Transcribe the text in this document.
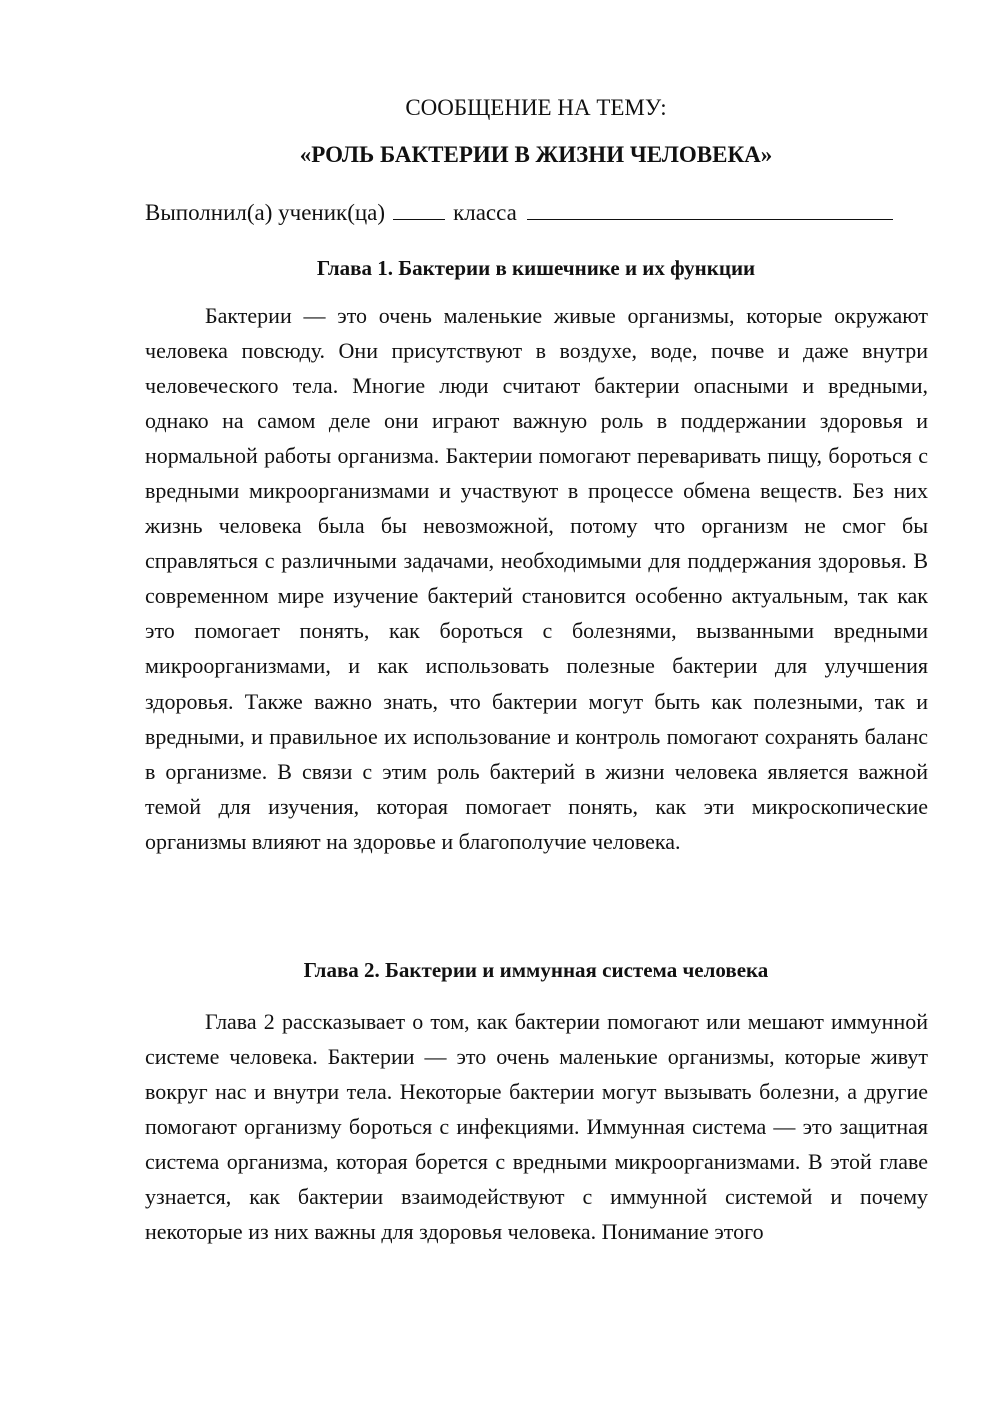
СООБЩЕНИЕ НА ТЕМУ:
«РОЛЬ БАКТЕРИИ В ЖИЗНИ ЧЕЛОВЕКА»
Выполнил(а) ученик(ца)	класса
Глава 1. Бактерии в кишечнике и их функции
Бактерии — это очень маленькие живые организмы, которые окружают человека повсюду. Они присутствуют в воздухе, воде, почве и даже внутри человеческого тела. Многие люди считают бактерии опасными и вредными, однако на самом деле они играют важную роль в поддержании здоровья и нормальной работы организма. Бактерии помогают переваривать пищу, бороться с вредными микроорганизмами и участвуют в процессе обмена веществ. Без них жизнь человека была бы невозможной, потому что организм не смог бы справляться с различными задачами, необходимыми для поддержания здоровья. В современном мире изучение бактерий становится особенно актуальным, так как это помогает понять, как бороться с болезнями, вызванными вредными микроорганизмами, и как использовать полезные бактерии для улучшения здоровья. Также важно знать, что бактерии могут быть как полезными, так и вредными, и правильное их использование и контроль помогают сохранять баланс в организме. В связи с этим роль бактерий в жизни человека является важной темой для изучения, которая помогает понять, как эти микроскопические организмы влияют на здоровье и благополучие человека.
Глава 2. Бактерии и иммунная система человека
Глава 2 рассказывает о том, как бактерии помогают или мешают иммунной системе человека. Бактерии — это очень маленькие организмы, которые живут вокруг нас и внутри тела. Некоторые бактерии могут вызывать болезни, а другие помогают организму бороться с инфекциями. Иммунная система — это защитная система организма, которая борется с вредными микроорганизмами. В этой главе узнается, как бактерии взаимодействуют с иммунной системой и почему некоторые из них важны для здоровья человека. Понимание этого
